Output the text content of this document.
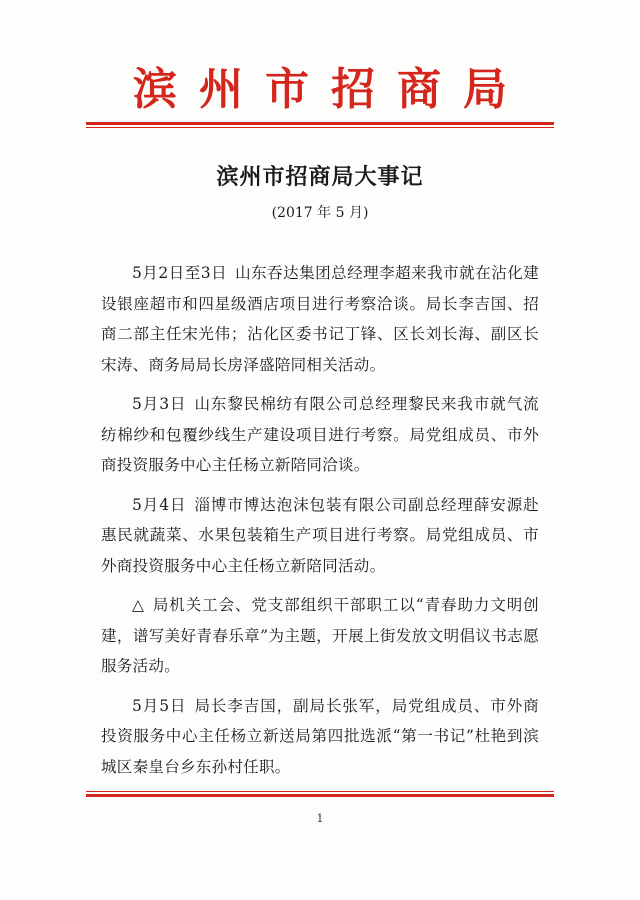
滨州市招商局
滨州市招商局大事记
(2017 年 5 月)

5月2日至3日 山东吞达集团总经理李超来我市就在沾化建设银座超市和四星级酒店项目进行考察洽谈。局长李吉国、招商二部主任宋光伟；沾化区委书记丁锋、区长刘长海、副区长宋涛、商务局局长房泽盛陪同相关活动。

5月3日 山东黎民棉纺有限公司总经理黎民来我市就气流纺棉纱和包覆纱线生产建设项目进行考察。局党组成员、市外商投资服务中心主任杨立新陪同洽谈。

5月4日 淄博市博达泡沫包装有限公司副总经理薛安源赴惠民就蔬菜、水果包装箱生产项目进行考察。局党组成员、市外商投资服务中心主任杨立新陪同活动。

△ 局机关工会、党支部组织干部职工以“青春助力文明创建，谱写美好青春乐章”为主题，开展上街发放文明倡议书志愿服务活动。

5月5日 局长李吉国，副局长张军，局党组成员、市外商投资服务中心主任杨立新送局第四批选派“第一书记”杜艳到滨城区秦皇台乡东孙村任职。

1
